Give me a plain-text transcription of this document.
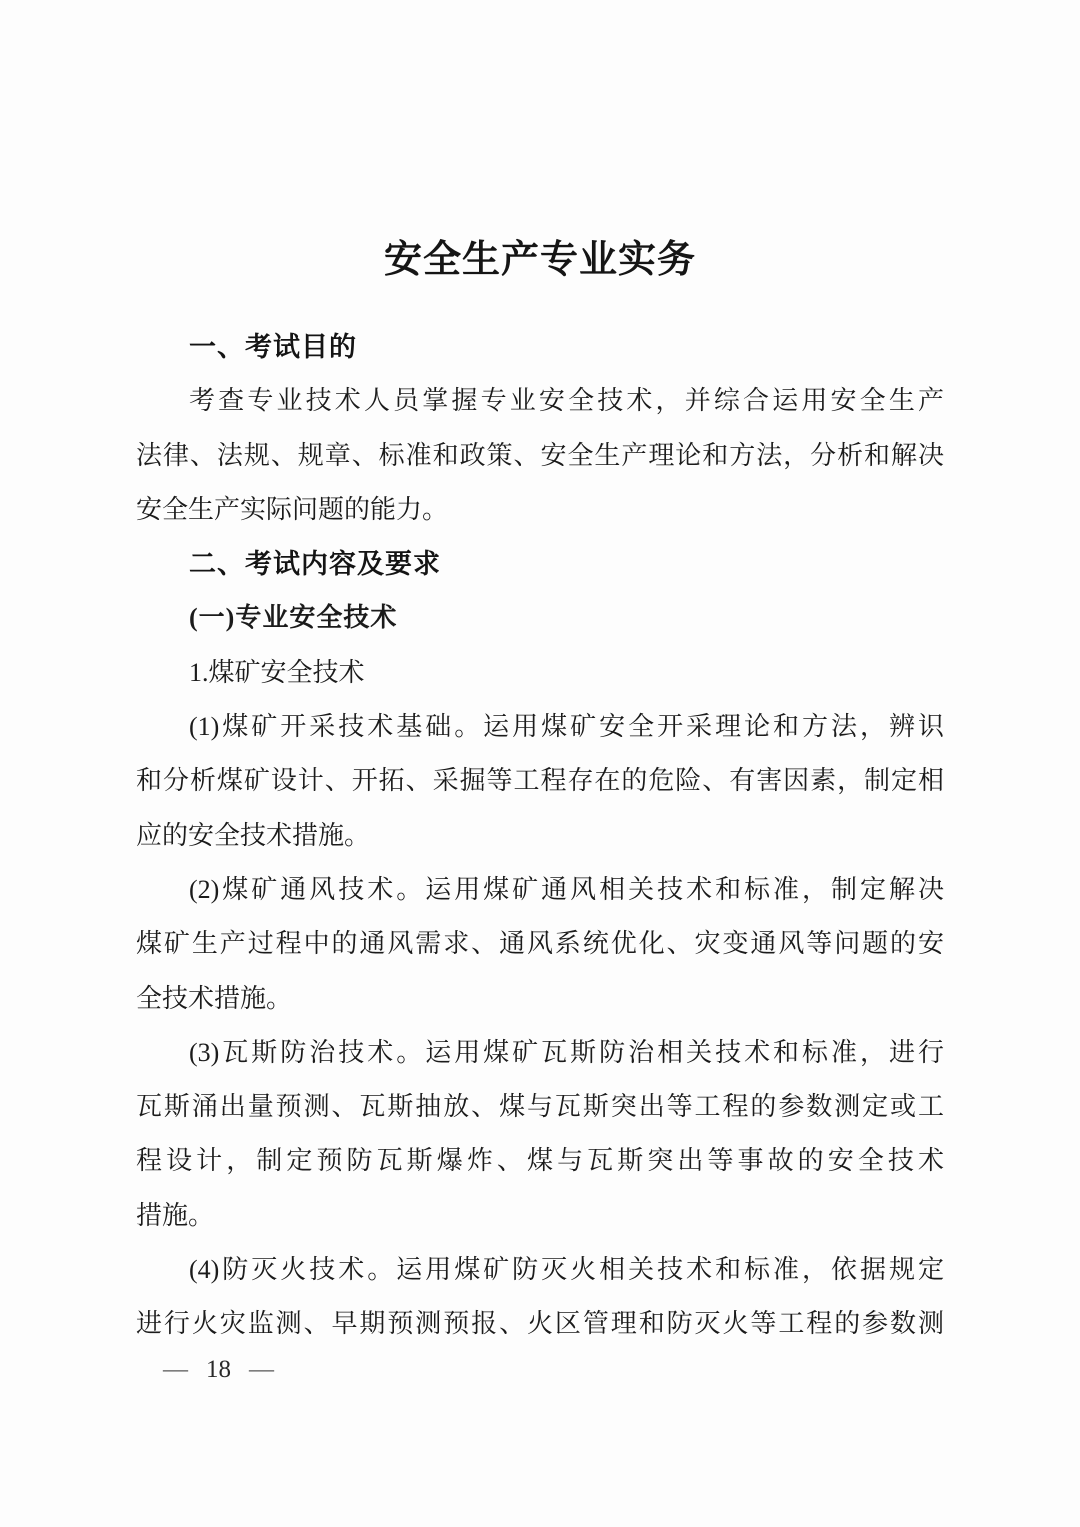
安全生产专业实务
一、考试目的
考查专业技术人员掌握专业安全技术，并综合运用安全生产
法律、法规、规章、标准和政策、安全生产理论和方法，分析和解决
安全生产实际问题的能力。
二、考试内容及要求
(一)专业安全技术
1.煤矿安全技术
(1)煤矿开采技术基础。运用煤矿安全开采理论和方法，辨识
和分析煤矿设计、开拓、采掘等工程存在的危险、有害因素，制定相
应的安全技术措施。
(2)煤矿通风技术。运用煤矿通风相关技术和标准，制定解决
煤矿生产过程中的通风需求、通风系统优化、灾变通风等问题的安
全技术措施。
(3)瓦斯防治技术。运用煤矿瓦斯防治相关技术和标准，进行
瓦斯涌出量预测、瓦斯抽放、煤与瓦斯突出等工程的参数测定或工
程设计，制定预防瓦斯爆炸、煤与瓦斯突出等事故的安全技术
措施。
(4)防灭火技术。运用煤矿防灭火相关技术和标准，依据规定
进行火灾监测、早期预测预报、火区管理和防灭火等工程的参数测
— 18 —
